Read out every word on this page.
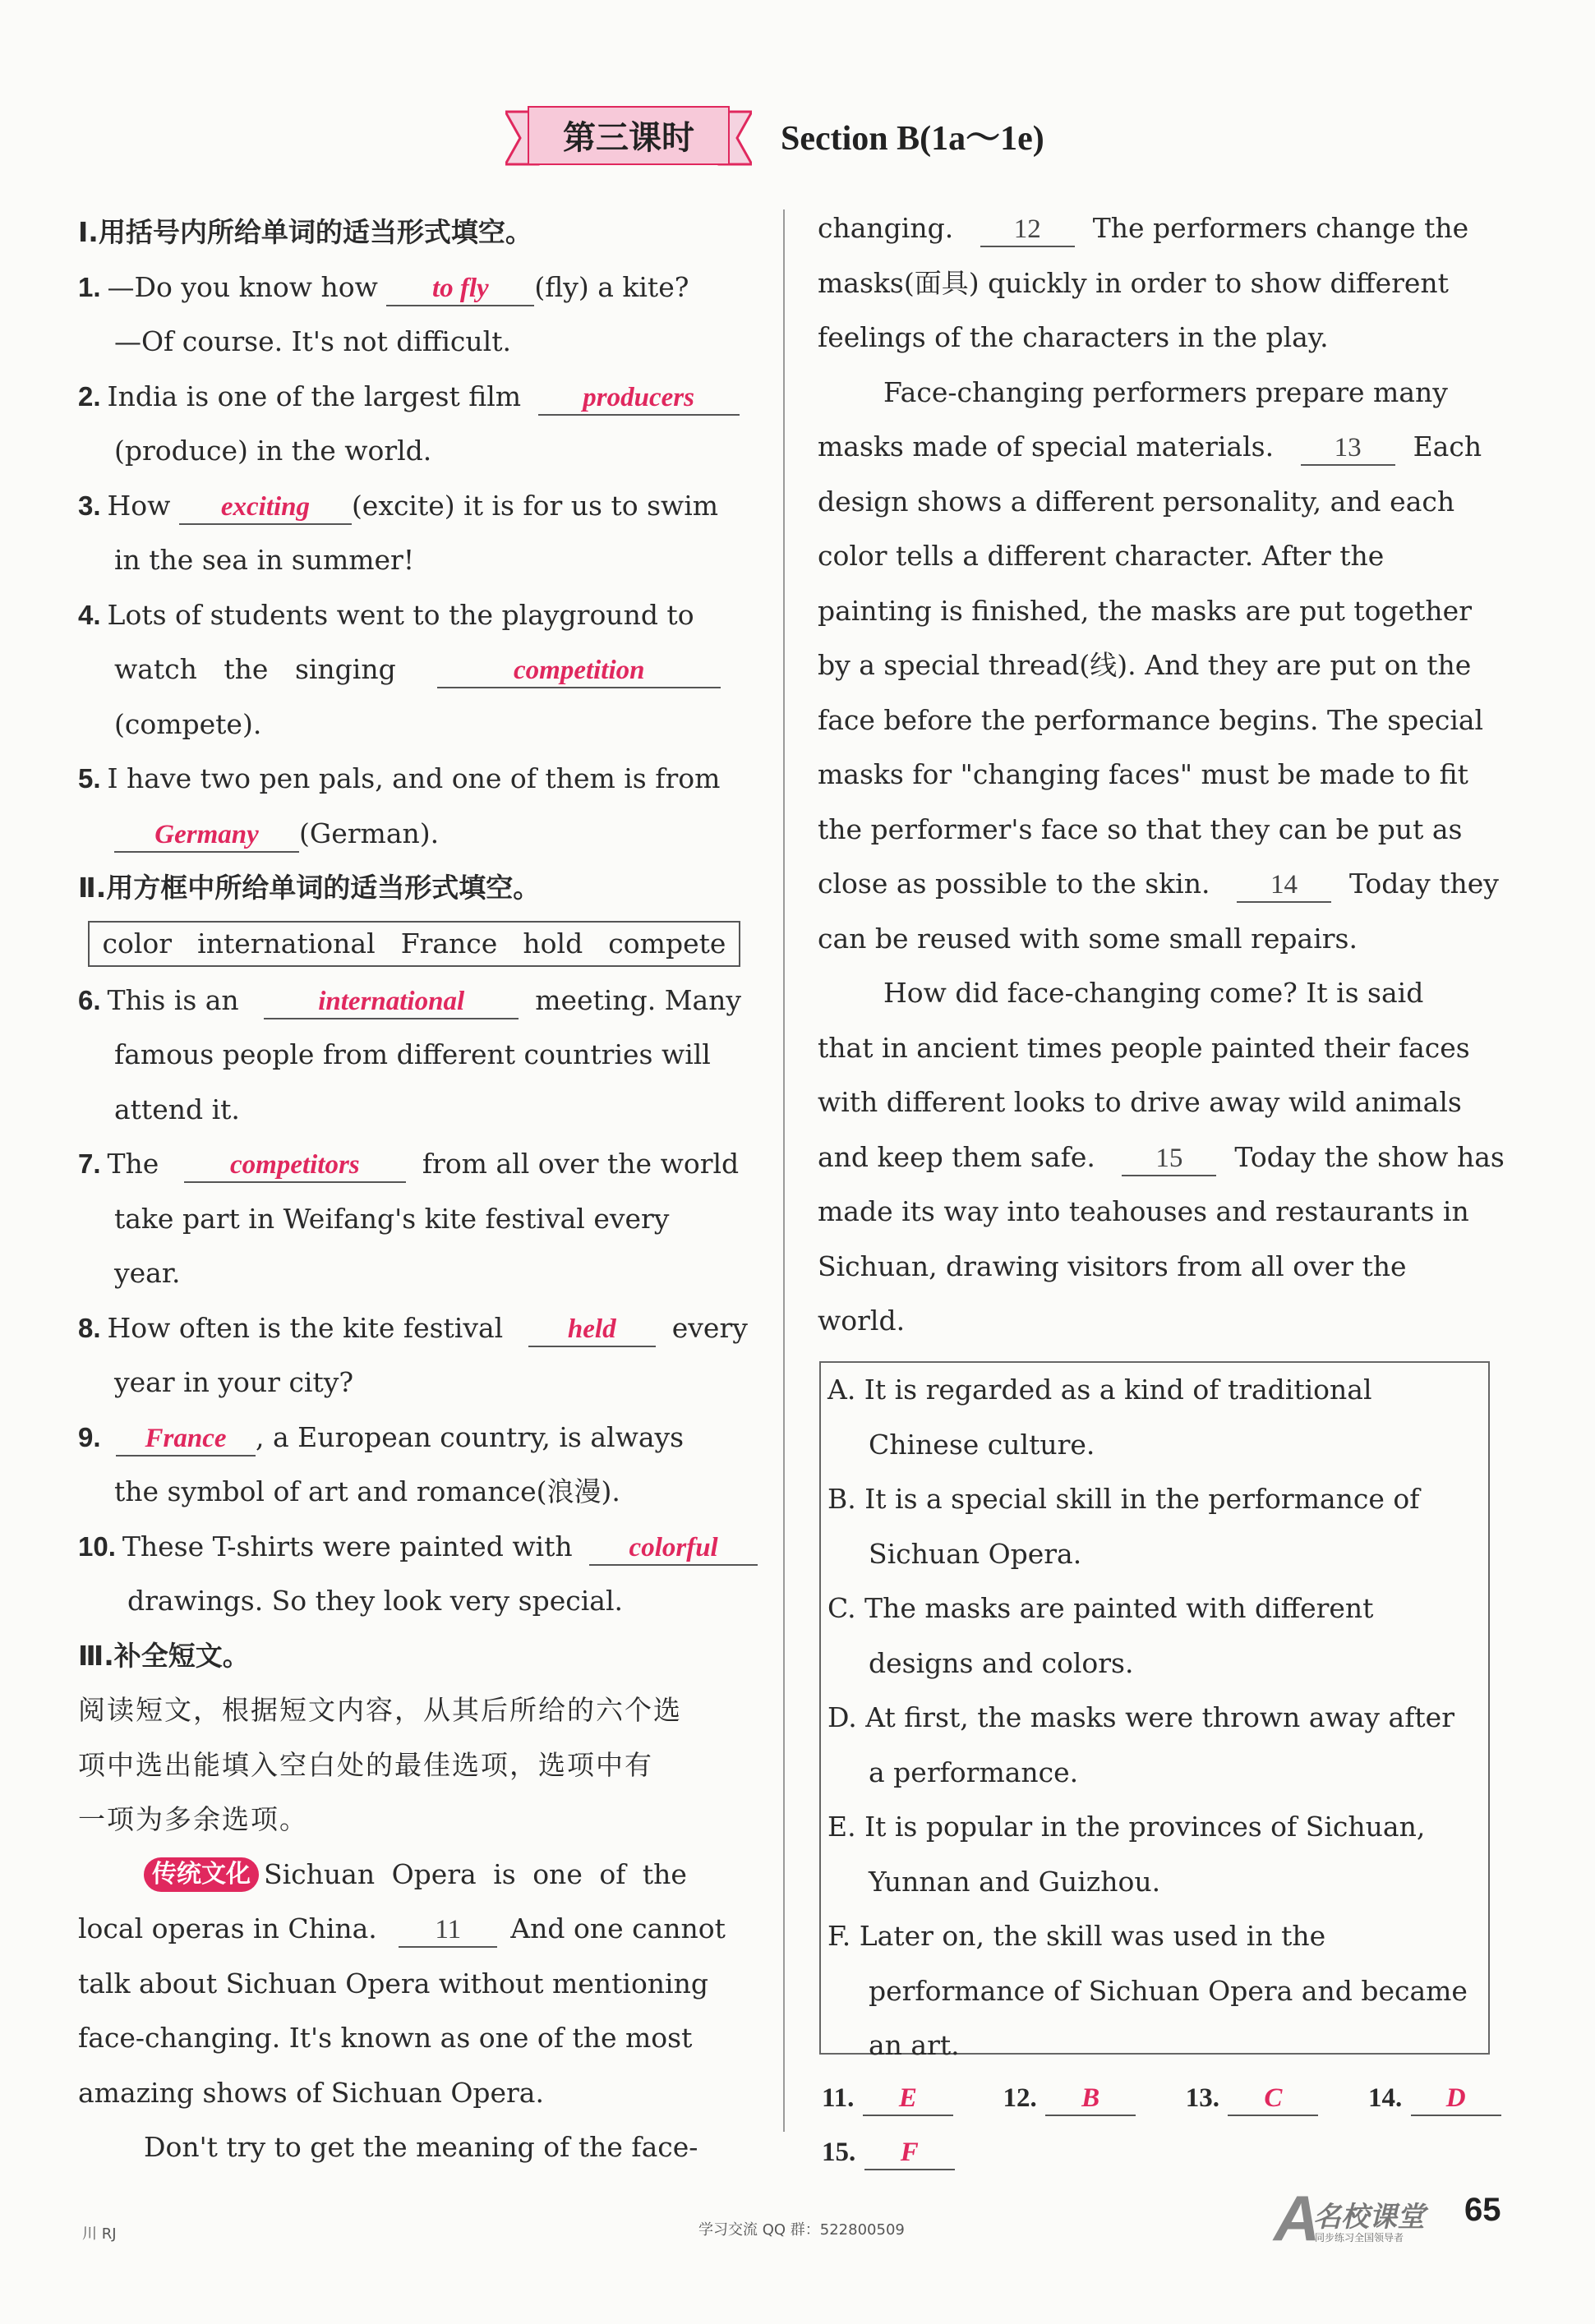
第三课时	Section B(1a～1e)
Ⅰ.用括号内所给单词的适当形式填空。
1. —Do you know how to fly (fly) a kite?
—Of course. It's not difficult.
2. India is one of the largest film producers
(produce) in the world.
3. How exciting (excite) it is for us to swim
in the sea in summer!
4. Lots of students went to the playground to
watch the singing	competition
(compete).
5. I have two pen pals, and one of them is from
Germany (German).
Ⅱ.用方框中所给单词的适当形式填空。
color international France hold compete
6. This is an	international	meeting. Many
famous people from different countries will
attend it.
7. The	competitors from all over the world
take part in Weifang's kite festival every
year.
8. How often is the kite festival held every
year in your city?
9. France , a European country, is always
the symbol of art and romance(浪漫).
10. These T-shirts were painted with colorful
drawings. So they look very special.
Ⅲ.补全短文。
阅读短文，根据短文内容，从其后所给的六个选
项中选出能填入空白处的最佳选项，选项中有
一项为多余选项。
传统文化 Sichuan Opera is one of the
local operas in China. 11 And one cannot
talk about Sichuan Opera without mentioning
face-changing. It's known as one of the most
amazing shows of Sichuan Opera.
Don't try to get the meaning of the face-
changing. 12 The performers change the
masks(面具) quickly in order to show different
feelings of the characters in the play.
Face-changing performers prepare many
masks made of special materials. 13 Each
design shows a different personality, and each
color tells a different character. After the
painting is finished, the masks are put together
by a special thread(线). And they are put on the
face before the performance begins. The special
masks for "changing faces" must be made to fit
the performer's face so that they can be put as
close as possible to the skin. 14 Today they
can be reused with some small repairs.
How did face-changing come? It is said
that in ancient times people painted their faces
with different looks to drive away wild animals
and keep them safe. 15 Today the show has
made its way into teahouses and restaurants in
Sichuan, drawing visitors from all over the
world.
A. It is regarded as a kind of traditional
Chinese culture.
B. It is a special skill in the performance of
Sichuan Opera.
C. The masks are painted with different
designs and colors.
D. At first, the masks were thrown away after
a performance.
E. It is popular in the provinces of Sichuan,
Yunnan and Guizhou.
F. Later on, the skill was used in the
performance of Sichuan Opera and became
an art.
11. E	12. B	13. C	14. D
15. F
川 RJ	学习交流 QQ 群：522800509	A
名校课堂
同步练习全国领导者
65
